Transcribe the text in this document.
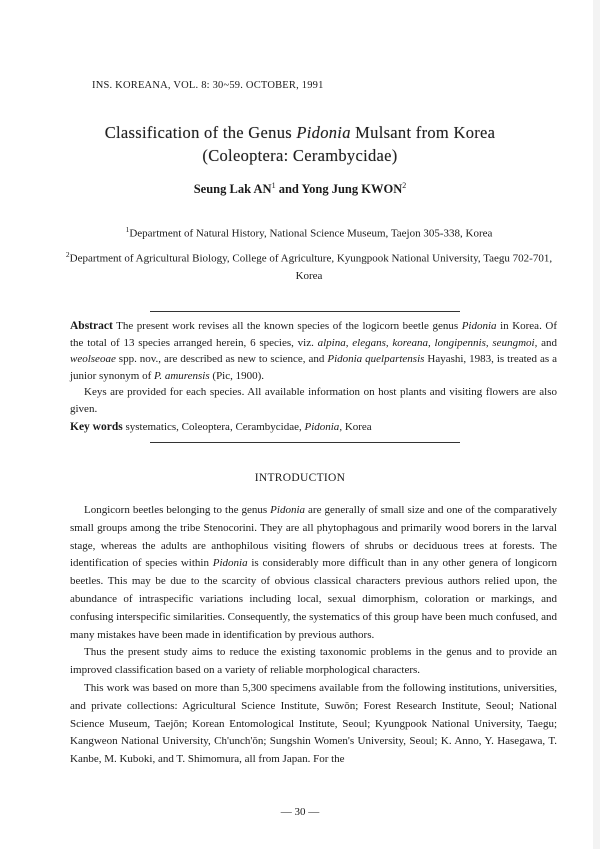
INS. KOREANA, VOL. 8: 30~59. OCTOBER, 1991
Classification of the Genus Pidonia Mulsant from Korea
(Coleoptera: Cerambycidae)
Seung Lak $AN^1$ and Yong Jung KWON$^2$
$^1$Department of Natural History, National Science Museum, Taejon 305-338, Korea
$^2$Department of Agricultural Biology, College of Agriculture, Kyungpook National University, Taegu 702-701, Korea

Abstract The present work revises all the known species of the logicorn beetle genus Pidonia in Korea. Of the total of 13 species arranged herein, 6 species, viz. alpina, elegans, koreana, longipennis, seungmoi, and weolseoae spp. nov., are described as new to science, and Pidonia quelpartensis Hayashi, 1983, is treated as a junior synonym of P. amurensis (Pic, 1900).

Keys are provided for each species. All available information on host plants and visiting flowers are also given.

Key words systematics, Coleoptera, Cerambycidae, Pidonia, Korea
INTRODUCTION

Longicorn beetles belonging to the genus Pidonia are generally of small size and one of the comparatively small groups among the tribe Stenocorini. They are all phytophagous and primarily wood borers in the larval stage, whereas the adults are anthophilous visiting flowers of shrubs or deciduous trees at forests. The identification of species within Pidonia is considerably more difficult than in any other genera of longicorn beetles. This may be due to the scarcity of obvious classical characters previous authors relied upon, the abundance of intraspecific variations including local, sexual dimorphism, coloration or markings, and confusing interspecific similarities. Consequently, the systematics of this group have been much confused, and many mistakes have been made in identification by previous authors.

Thus the present study aims to reduce the existing taxonomic problems in the genus and to provide an improved classification based on a variety of reliable morphological characters.

This work was based on more than 5,300 specimens available from the following institutions, universities, and private collections: Agricultural Science Institute, Suwŏn; Forest Research Institute, Seoul; National Science Museum, Taejŏn; Korean Entomological Institute, Seoul; Kyungpook National University, Taegu; Kangweon National University, Ch'unch'ŏn; Sungshin Women's University, Seoul; K. Anno, Y. Hasegawa, T. Kanbe, M. Kuboki, and T. Shimomura, all from Japan. For the

— 30 —
